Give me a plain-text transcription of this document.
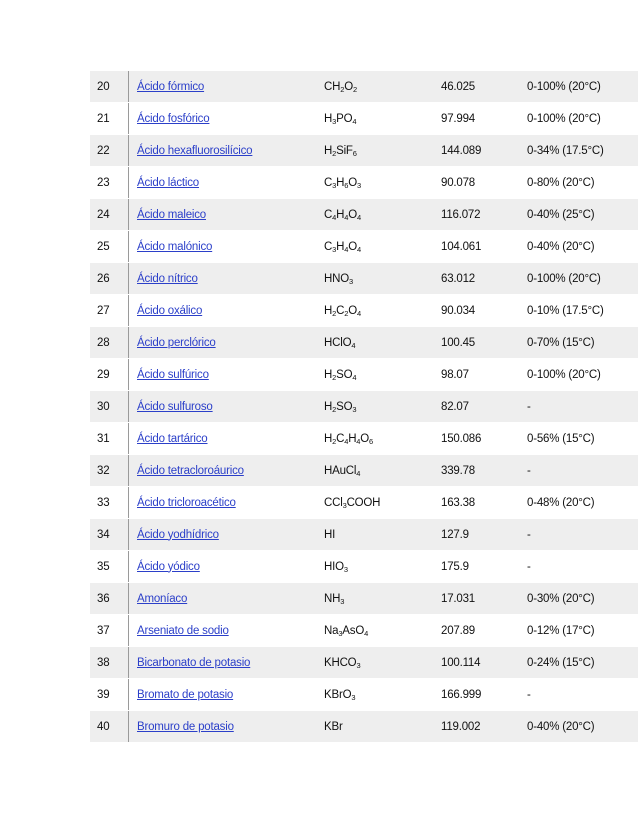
20	Ácido fórmico	$CH_2O_2$	46.025	0-100% (20°C)
21	Ácido fosfórico	$H_3PO_4$	97.994	0-100% (20°C)
22	Ácido hexafluorosilícico	$H_2SiF_6$	144.089	0-34% (17.5°C)
23	Ácido láctico	$C_3H_6O_3$	90.078	0-80% (20°C)
24	Ácido maleico	$C_4H_4O_4$	116.072	0-40% (25°C)
25	Ácido malónico	$C_3H_4O_4$	104.061	0-40% (20°C)
26	Ácido nítrico	$HNO_3$	63.012	0-100% (20°C)
27	Ácido oxálico	$H_2C_2O_4$	90.034	0-10% (17.5°C)
28	Ácido perclórico	HClO$_4$	100.45	0-70% (15°C)
29	Ácido sulfúrico	$H_2SO_4$	98.07	0-100% (20°C)
30	Ácido sulfuroso	$H_2SO_3$	82.07	-
31	Ácido tartárico	$H_2C_4H_4O_6$	150.086	0-56% (15°C)
32	Ácido tetracloroáurico	HAuCl$_4$	339.78	-
33	Ácido tricloroacético	CCl$_3$COOH	163.38	0-48% (20°C)
34	Ácido yodhídrico	HI	127.9	-
35	Ácido yódico	$HIO_3$	175.9	-
36	Amoníaco	$NH_3$	17.031	0-30% (20°C)
37	Arseniato de sodio	$Na_3AsO_4$	207.89	0-12% (17°C)
38	Bicarbonato de potasio	$KHCO_3$	100.114	0-24% (15°C)
39	Bromato de potasio	KBrO$_3$	166.999	-
40	Bromuro de potasio	KBr	119.002	0-40% (20°C)
